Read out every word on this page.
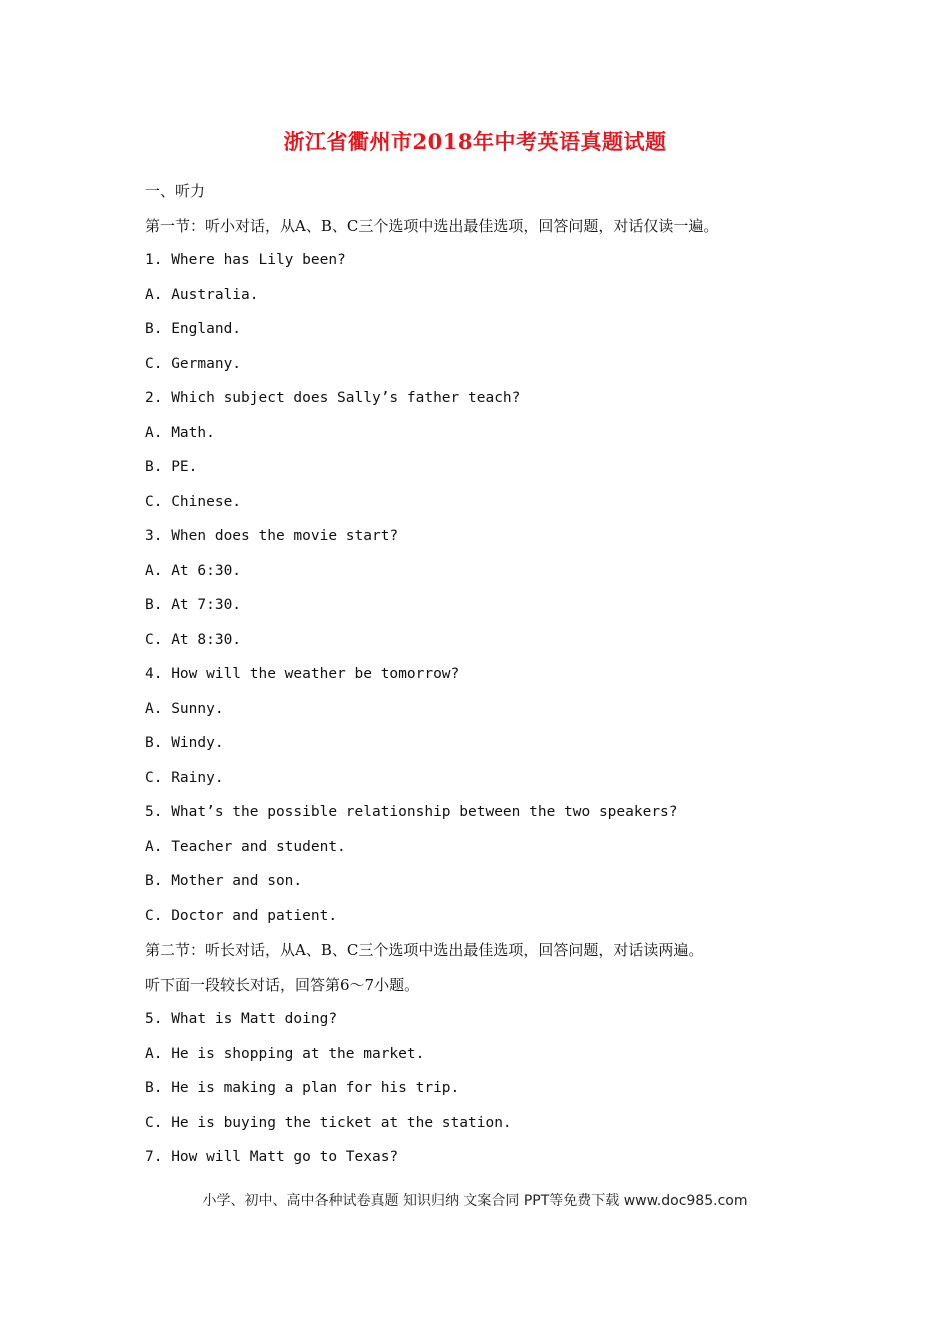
浙江省衢州市2018年中考英语真题试题
一、听力
第一节：听小对话，从A、B、C三个选项中选出最佳选项，回答问题，对话仅读一遍。
1. Where has Lily been?
A. Australia.
B. England.
C. Germany.
2. Which subject does Sally’s father teach?
A. Math.
B. PE.
C. Chinese.
3. When does the movie start?
A. At 6:30.
B. At 7:30.
C. At 8:30.
4. How will the weather be tomorrow?
A. Sunny.
B. Windy.
C. Rainy.
5. What’s the possible relationship between the two speakers?
A. Teacher and student.
B. Mother and son.
C. Doctor and patient.
第二节：听长对话，从A、B、C三个选项中选出最佳选项，回答问题，对话读两遍。
听下面一段较长对话，回答第6～7小题。
5. What is Matt doing?
A. He is shopping at the market.
B. He is making a plan for his trip.
C. He is buying the ticket at the station.
7. How will Matt go to Texas?
小学、初中、高中各种试卷真题 知识归纳 文案合同 PPT等免费下载 www.doc985.com
